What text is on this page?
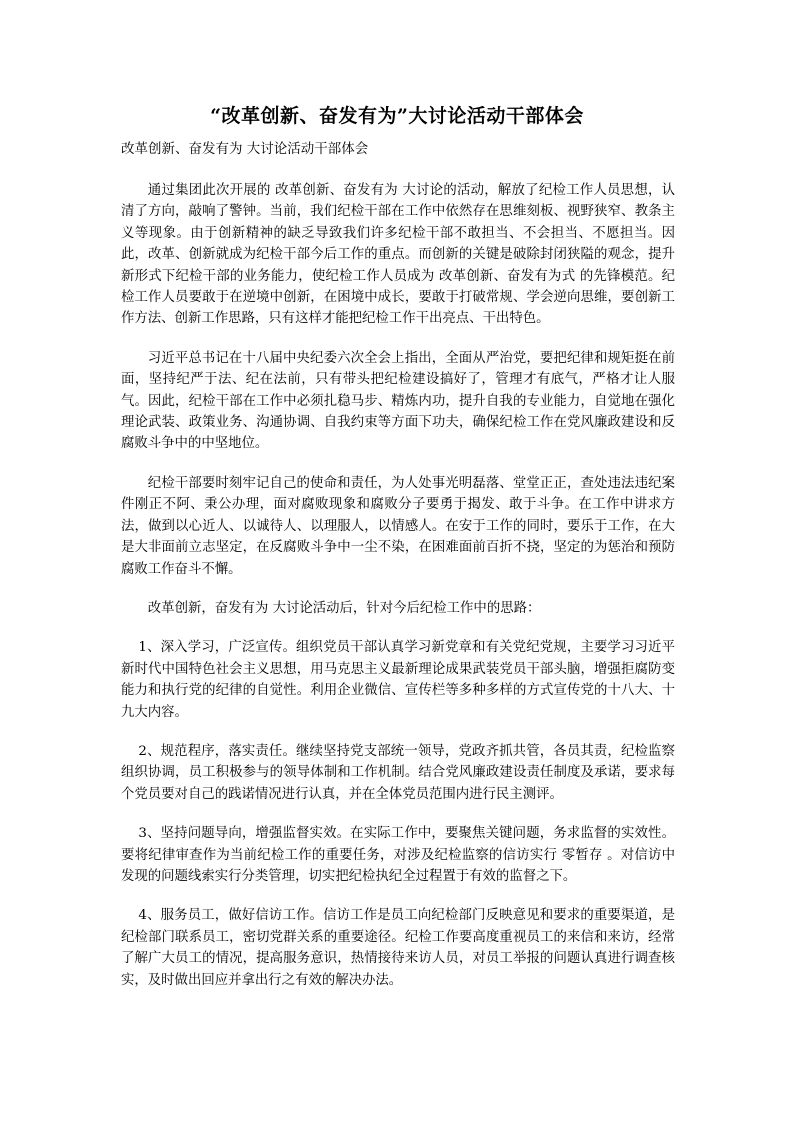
“改革创新、奋发有为”大讨论活动干部体会
改革创新、奋发有为 大讨论活动干部体会

通过集团此次开展的 改革创新、奋发有为 大讨论的活动，解放了纪检工作人员思想，认清了方向，敲响了警钟。当前，我们纪检干部在工作中依然存在思维刻板、视野狭窄、教条主义等现象。由于创新精神的缺乏导致我们许多纪检干部不敢担当、不会担当、不愿担当。因此，改革、创新就成为纪检干部今后工作的重点。而创新的关键是破除封闭狭隘的观念，提升新形式下纪检干部的业务能力，使纪检工作人员成为 改革创新、奋发有为式 的先锋模范。纪检工作人员要敢于在逆境中创新，在困境中成长，要敢于打破常规、学会逆向思维，要创新工作方法、创新工作思路，只有这样才能把纪检工作干出亮点、干出特色。

习近平总书记在十八届中央纪委六次全会上指出，全面从严治党，要把纪律和规矩挺在前面，坚持纪严于法、纪在法前，只有带头把纪检建设搞好了，管理才有底气，严格才让人服气。因此，纪检干部在工作中必须扎稳马步、精炼内功，提升自我的专业能力，自觉地在强化理论武装、政策业务、沟通协调、自我约束等方面下功夫，确保纪检工作在党风廉政建设和反腐败斗争中的中坚地位。

纪检干部要时刻牢记自己的使命和责任，为人处事光明磊落、堂堂正正，查处违法违纪案件刚正不阿、秉公办理，面对腐败现象和腐败分子要勇于揭发、敢于斗争。在工作中讲求方法，做到以心近人、以诚待人、以理服人，以情感人。在安于工作的同时，要乐于工作，在大是大非面前立志坚定，在反腐败斗争中一尘不染，在困难面前百折不挠，坚定的为惩治和预防腐败工作奋斗不懈。

改革创新，奋发有为 大讨论活动后，针对今后纪检工作中的思路：

1、深入学习，广泛宣传。组织党员干部认真学习新党章和有关党纪党规，主要学习习近平新时代中国特色社会主义思想，用马克思主义最新理论成果武装党员干部头脑，增强拒腐防变能力和执行党的纪律的自觉性。利用企业微信、宣传栏等多种多样的方式宣传党的十八大、十九大内容。

2、规范程序，落实责任。继续坚持党支部统一领导，党政齐抓共管，各员其责，纪检监察组织协调，员工积极参与的领导体制和工作机制。结合党风廉政建设责任制度及承诺，要求每个党员要对自己的践诺情况进行认真，并在全体党员范围内进行民主测评。

3、坚持问题导向，增强监督实效。在实际工作中，要聚焦关键问题，务求监督的实效性。要将纪律审查作为当前纪检工作的重要任务，对涉及纪检监察的信访实行 零暂存 。对信访中发现的问题线索实行分类管理，切实把纪检执纪全过程置于有效的监督之下。

4、服务员工，做好信访工作。信访工作是员工向纪检部门反映意见和要求的重要渠道，是纪检部门联系员工，密切党群关系的重要途径。纪检工作要高度重视员工的来信和来访，经常了解广大员工的情况，提高服务意识，热情接待来访人员，对员工举报的问题认真进行调查核实，及时做出回应并拿出行之有效的解决办法。
